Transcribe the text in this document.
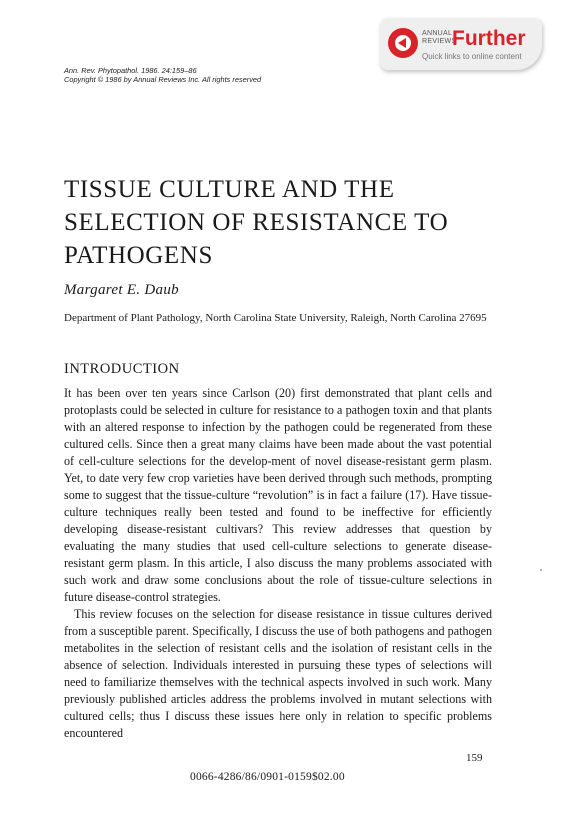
ANNUAL
REVIEWS
Further
Quick links to online content
Ann. Rev. Phytopathol. 1986. 24:159–86
Copyright © 1986 by Annual Reviews Inc. All rights reserved
TISSUE CULTURE AND THE
SELECTION OF RESISTANCE TO
PATHOGENS
Margaret E. Daub
Department of Plant Pathology, North Carolina State University, Raleigh, North Carolina 27695
INTRODUCTION

It has been over ten years since Carlson (20) first demonstrated that plant cells and protoplasts could be selected in culture for resistance to a pathogen toxin and that plants with an altered response to infection by the pathogen could be regenerated from these cultured cells. Since then a great many claims have been made about the vast potential of cell-culture selections for the develop-ment of novel disease-resistant germ plasm. Yet, to date very few crop varieties have been derived through such methods, prompting some to suggest that the tissue-culture “revolution” is in fact a failure (17). Have tissue-culture techniques really been tested and found to be ineffective for efficiently developing disease-resistant cultivars? This review addresses that question by evaluating the many studies that used cell-culture selections to generate disease-resistant germ plasm. In this article, I also discuss the many problems associated with such work and draw some conclusions about the role of tissue-culture selections in future disease-control strategies.

This review focuses on the selection for disease resistance in tissue cultures derived from a susceptible parent. Specifically, I discuss the use of both pathogens and pathogen metabolites in the selection of resistant cells and the isolation of resistant cells in the absence of selection. Individuals interested in pursuing these types of selections will need to familiarize themselves with the technical aspects involved in such work. Many previously published articles address the problems involved in mutant selections with cultured cells; thus I discuss these issues here only in relation to specific problems encountered

159
0066-4286/86/0901-0159$02.00
